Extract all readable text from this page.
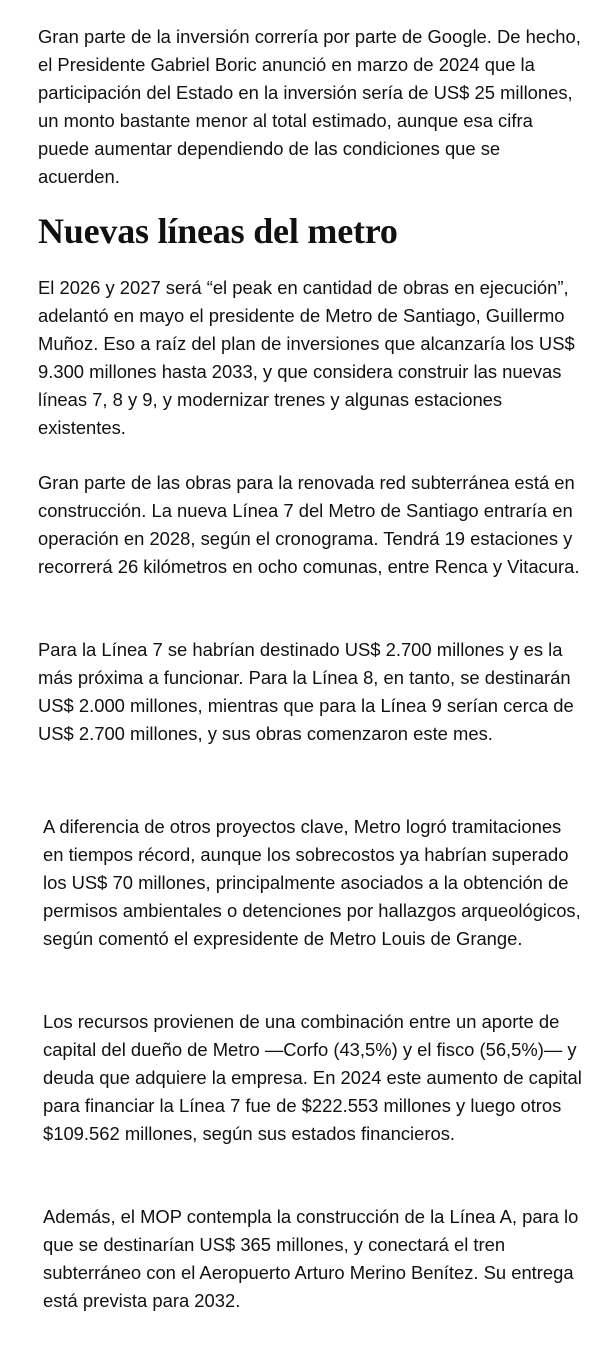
Gran parte de la inversión correría por parte de Google. De hecho, el Presidente Gabriel Boric anunció en marzo de 2024 que la participación del Estado en la inversión sería de US$ 25 millones, un monto bastante menor al total estimado, aunque esa cifra puede aumentar dependiendo de las condiciones que se acuerden.

Nuevas líneas del metro

El 2026 y 2027 será “el peak en cantidad de obras en ejecución”, adelantó en mayo el presidente de Metro de Santiago, Guillermo Muñoz. Eso a raíz del plan de inversiones que alcanzaría los US$ 9.300 millones hasta 2033, y que considera construir las nuevas líneas 7, 8 y 9, y modernizar trenes y algunas estaciones existentes.

Gran parte de las obras para la renovada red subterránea está en construcción. La nueva Línea 7 del Metro de Santiago entraría en operación en 2028, según el cronograma. Tendrá 19 estaciones y recorrerá 26 kilómetros en ocho comunas, entre Renca y Vitacura.

Para la Línea 7 se habrían destinado US$ 2.700 millones y es la más próxima a funcionar. Para la Línea 8, en tanto, se destinarán US$ 2.000 millones, mientras que para la Línea 9 serían cerca de US$ 2.700 millones, y sus obras comenzaron este mes.

A diferencia de otros proyectos clave, Metro logró tramitaciones en tiempos récord, aunque los sobrecostos ya habrían superado los US$ 70 millones, principalmente asociados a la obtención de permisos ambientales o detenciones por hallazgos arqueológicos, según comentó el expresidente de Metro Louis de Grange.

Los recursos provienen de una combinación entre un aporte de capital del dueño de Metro —Corfo (43,5%) y el fisco (56,5%)— y deuda que adquiere la empresa. En 2024 este aumento de capital para financiar la Línea 7 fue de $222.553 millones y luego otros $109.562 millones, según sus estados financieros.

Además, el MOP contempla la construcción de la Línea A, para lo que se destinarían US$ 365 millones, y conectará el tren subterráneo con el Aeropuerto Arturo Merino Benítez. Su entrega está prevista para 2032.
